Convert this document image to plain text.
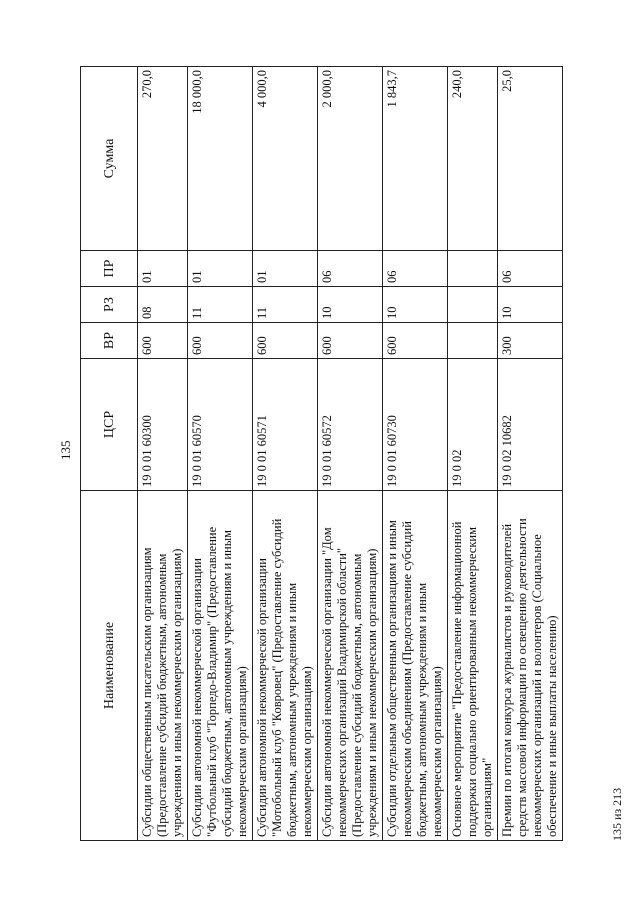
135
Наименование	ЦСР	ВР	РЗ	ПР	Сумма
Субсидии общественным писательским организациям (Предоставление субсидий бюджетным, автономным учреждениям и иным некоммерческим организациям)	19 0 01 60300	600	08	01	270,0
Субсидии автономной некоммерческой организации "Футбольный клуб "Торпедо-Владимир" (Предоставление субсидий бюджетным, автономным учреждениям и иным некоммерческим организациям)	19 0 01 60570	600	11	01	18 000,0
Субсидии автономной некоммерческой организации "Мотобольный клуб "Ковровец" (Предоставление субсидий бюджетным, автономным учреждениям и иным некоммерческим организациям)	19 0 01 60571	600	11	01	4 000,0
Субсидии автономной некоммерческой организации "Дом некоммерческих организаций Владимирской области" (Предоставление субсидий бюджетным, автономным учреждениям и иным некоммерческим организациям)	19 0 01 60572	600	10	06	2 000,0
Субсидии отдельным общественным организациям и иным некоммерческим объединениям (Предоставление субсидий бюджетным, автономным учреждениям и иным некоммерческим организациям)	19 0 01 60730	600	10	06	1 843,7
Основное мероприятие "Предоставление информационной поддержки социально ориентированным некоммерческим организациям"	19 0 02				240,0
Премии по итогам конкурса журналистов и руководителей средств массовой информации по освещению деятельности некоммерческих организаций и волонтеров (Социальное обеспечение и иные выплаты населению)	19 0 02 10682	300	10	06	25,0
135 из 213
